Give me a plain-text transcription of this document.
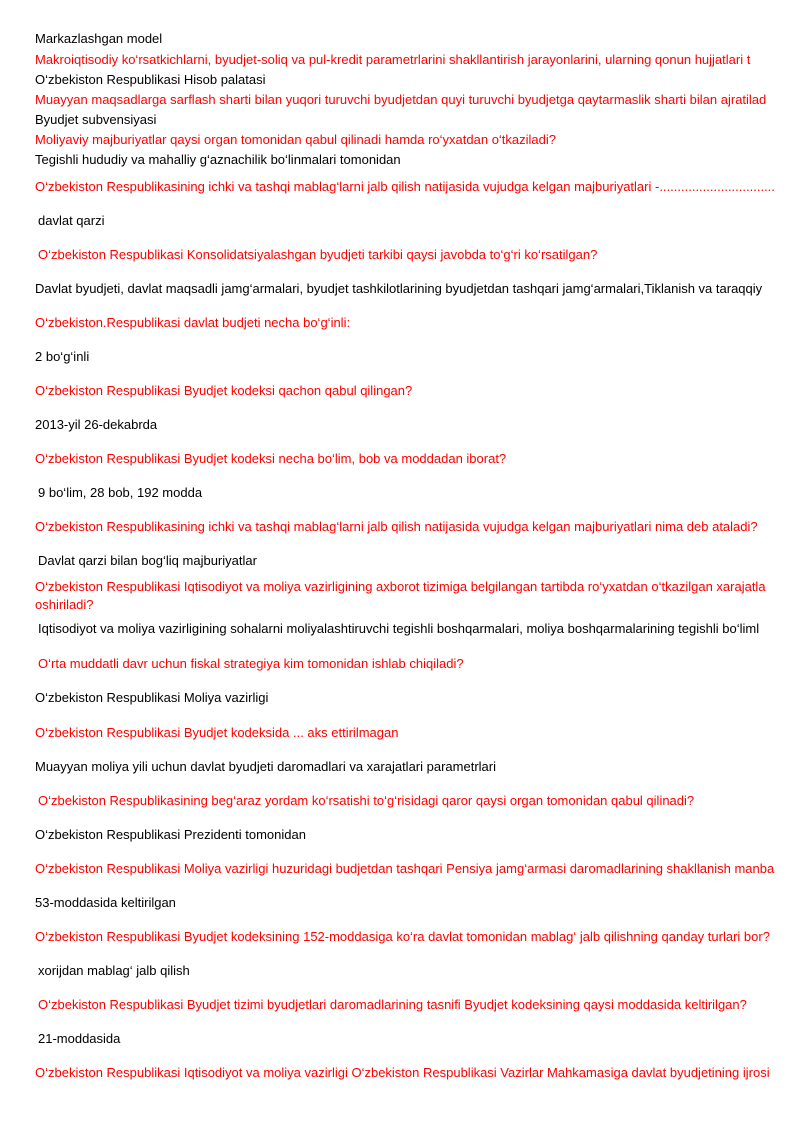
Markazlashgan model
Makroiqtisodiy ko‘rsatkichlarni, byudjet-soliq va pul-kredit parametrlarini shakllantirish jarayonlarini, ularning qonun hujjatlari t
O‘zbekiston Respublikasi Hisob palatasi
Muayyan maqsadlarga sarflash sharti bilan yuqori turuvchi byudjetdan quyi turuvchi byudjetga qaytarmaslik sharti bilan ajratilad
Byudjet subvensiyasi
Moliyaviy majburiyatlar qaysi organ tomonidan qabul qilinadi hamda ro‘yxatdan o‘tkaziladi?
Tegishli hududiy va mahalliy g‘aznachilik bo‘linmalari tomonidan
O‘zbekiston Respublikasining ichki va tashqi mablag‘larni jalb qilish natijasida vujudga kelgan majburiyatlari -................................
davlat qarzi
O‘zbekiston Respublikasi Konsolidatsiyalashgan byudjeti tarkibi qaysi javobda to‘g‘ri ko‘rsatilgan?
Davlat byudjeti, davlat maqsadli jamg‘armalari, byudjet tashkilotlarining byudjetdan tashqari jamg‘armalari,Tiklanish va taraqqiy
O‘zbekiston.Respublikasi davlat budjeti necha bo‘g‘inli:
2 bo‘g‘inli
O‘zbekiston Respublikasi Byudjet kodeksi qachon qabul qilingan?
2013-yil 26-dekabrda
O‘zbekiston Respublikasi Byudjet kodeksi necha bo‘lim, bob va moddadan iborat?
9 bo‘lim, 28 bob, 192 modda
O‘zbekiston Respublikasining ichki va tashqi mablag‘larni jalb qilish natijasida vujudga kelgan majburiyatlari nima deb ataladi?
Davlat qarzi bilan bog‘liq majburiyatlar
O‘zbekiston Respublikasi Iqtisodiyot va moliya vazirligining axborot tizimiga belgilangan tartibda ro‘yxatdan o‘tkazilgan xarajatla
oshiriladi?
Iqtisodiyot va moliya vazirligining sohalarni moliyalashtiruvchi tegishli boshqarmalari, moliya boshqarmalarining tegishli bo‘liml
O‘rta muddatli davr uchun fiskal strategiya kim tomonidan ishlab chiqiladi?
O‘zbekiston Respublikasi Moliya vazirligi
O‘zbekiston Respublikasi Byudjet kodeksida ... aks ettirilmagan
Muayyan moliya yili uchun davlat byudjeti daromadlari va xarajatlari parametrlari
O‘zbekiston Respublikasining beg‘araz yordam ko‘rsatishi to‘g‘risidagi qaror qaysi organ tomonidan qabul qilinadi?
O‘zbekiston Respublikasi Prezidenti tomonidan
O‘zbekiston Respublikasi Moliya vazirligi huzuridagi budjetdan tashqari Pensiya jamg‘armasi daromadlarining shakllanish manba
53-moddasida keltirilgan
O‘zbekiston Respublikasi Byudjet kodeksining 152-moddasiga ko‘ra davlat tomonidan mablag‘ jalb qilishning qanday turlari bor?
xorijdan mablag‘ jalb qilish
O‘zbekiston Respublikasi Byudjet tizimi byudjetlari daromadlarining tasnifi Byudjet kodeksining qaysi moddasida keltirilgan?
21-moddasida
O‘zbekiston Respublikasi Iqtisodiyot va moliya vazirligi O‘zbekiston Respublikasi Vazirlar Mahkamasiga davlat byudjetining ijrosi
